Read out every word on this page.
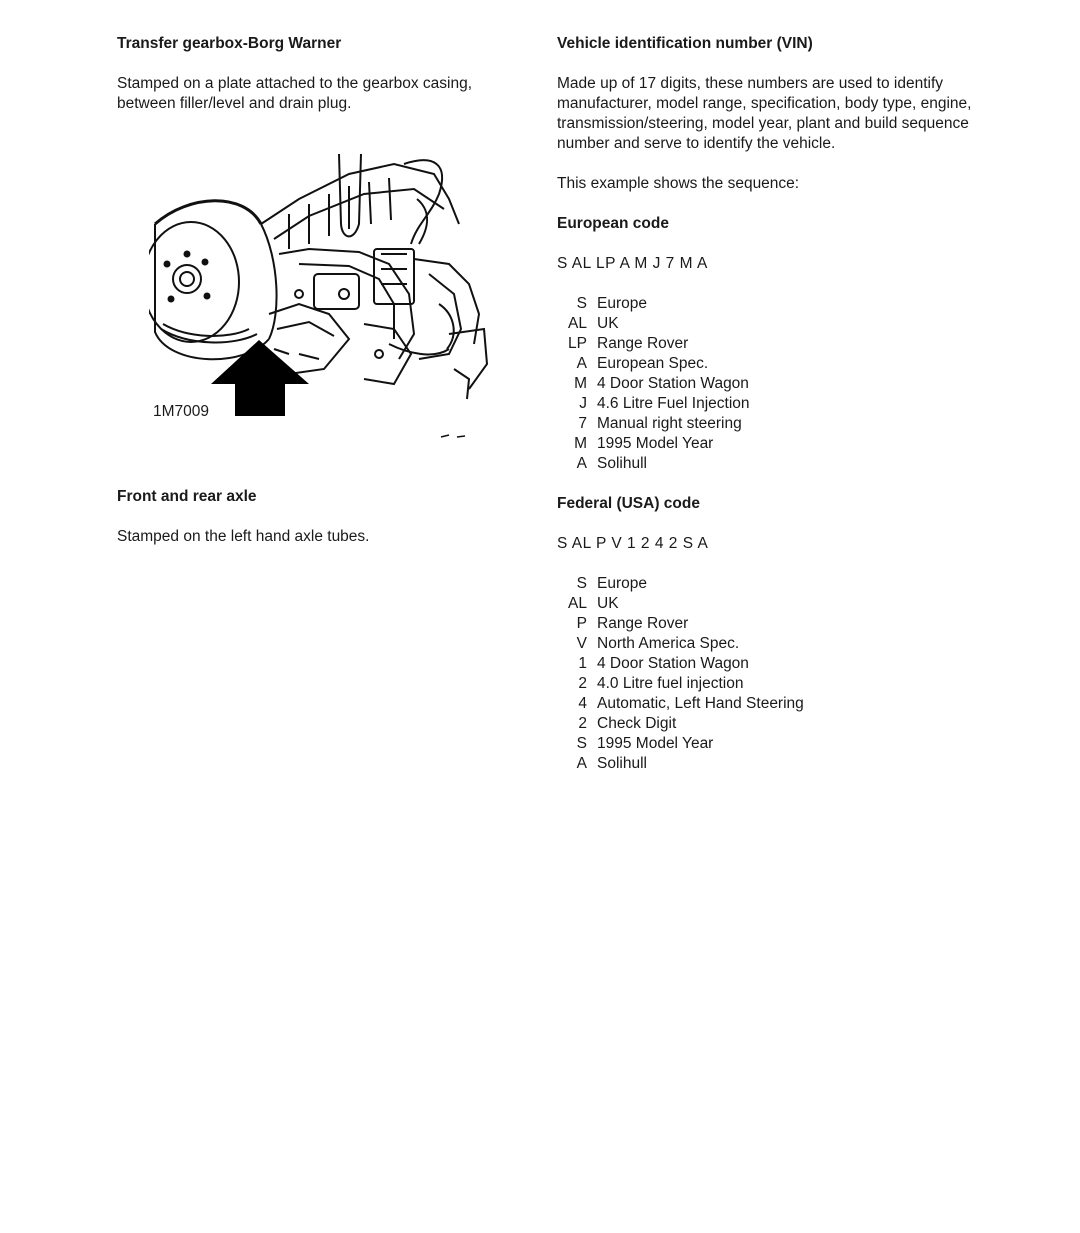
Transfer gearbox-Borg Warner

Stamped on a plate attached to the gearbox casing, between filler/level and drain plug.

1M7009
Front and rear axle

Stamped on the left hand axle tubes.

Vehicle identification number (VIN)

Made up of 17 digits, these numbers are used to identify manufacturer, model range, specification, body type, engine, transmission/steering, model year, plant and build sequence number and serve to identify the vehicle.

This example shows the sequence:

European code

S AL LP A M J 7 M A

S Europe
AL UK
LP Range Rover
A European Spec.
M 4 Door Station Wagon
J 4.6 Litre Fuel Injection
7 Manual right steering
M 1995 Model Year
A Solihull
Federal (USA) code

S AL P V 1 2 4 2 S A

S Europe
AL UK
P Range Rover
V North America Spec.
1 4 Door Station Wagon
2 4.0 Litre fuel injection
4 Automatic, Left Hand Steering
2 Check Digit
S 1995 Model Year
A Solihull
